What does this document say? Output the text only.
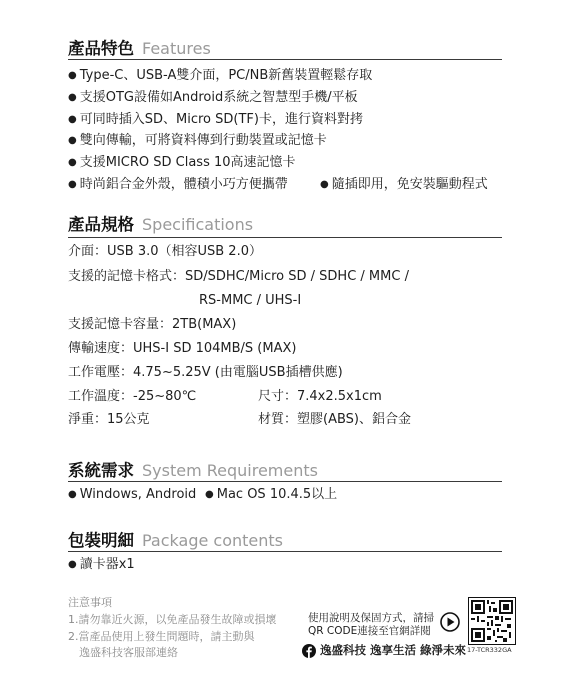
產品特色 Features
● Type-C、USB-A雙介面，PC/NB新舊裝置輕鬆存取
● 支援OTG設備如Android系統之智慧型手機/平板
● 可同時插入SD、Micro SD(TF)卡，進行資料對拷
● 雙向傳輸，可將資料傳到行動裝置或記憶卡
● 支援MICRO SD Class 10高速記憶卡
● 時尚鋁合金外殼，體積小巧方便攜帶	● 隨插即用，免安裝驅動程式
產品規格 Specifications
介面：USB 3.0（相容USB 2.0）
支援的記憶卡格式：SD/SDHC/Micro SD / SDHC / MMC /
RS-MMC / UHS-I
支援記憶卡容量：2TB(MAX)
傳輸速度：UHS-I SD 104MB/S (MAX)
工作電壓：4.75~5.25V (由電腦USB插槽供應)
工作溫度：-25~80℃	尺寸：7.4x2.5x1cm
淨重：15公克	材質：塑膠(ABS)、鋁合金
系統需求 System Requirements
● Windows, Android	● Mac OS 10.4.5以上
包裝明細 Package contents
● 讀卡器x1
注意事項
1.請勿靠近火源，以免產品發生故障或損壞
2.當產品使用上發生問題時，請主動與
逸盛科技客服部連絡
使用說明及保固方式，請掃
QR CODE連接至官網詳閱
逸盛科技 逸享生活 綠淨未來 17-TCR332GA
